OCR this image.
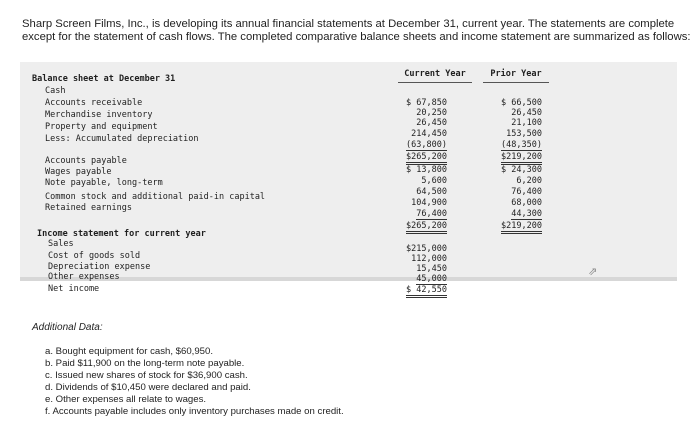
Sharp Screen Films, Inc., is developing its annual financial statements at December 31, current year. The statements are complete

except for the statement of cash flows. The completed comparative balance sheets and income statement are summarized as follows:

Current Year	Prior Year
Balance sheet at December 31
Cash
Accounts receivable
Merchandise inventory
Property and equipment
Less: Accumulated depreciation
$ 67,850
20,250
26,450
214,450
(63,800)
$265,200
$ 66,500
26,450
21,100
153,500
(48,350)
$219,200
Accounts payable
Wages payable
Note payable, long-term
Common stock and additional paid-in capital
Retained earnings
$ 13,800
5,600
64,500
104,900
76,400
$265,200
$ 24,300
6,200
76,400
68,000
44,300
$219,200
Income statement for current year
Sales
Cost of goods sold
Depreciation expense
Other expenses
Net income
$215,000
112,000
15,450
45,000
$ 42,550
⇗
Additional Data:
a. Bought equipment for cash, $60,950.
b. Paid $11,900 on the long-term note payable.
c. Issued new shares of stock for $36,900 cash.
d. Dividends of $10,450 were declared and paid.
e. Other expenses all relate to wages.
f. Accounts payable includes only inventory purchases made on credit.
